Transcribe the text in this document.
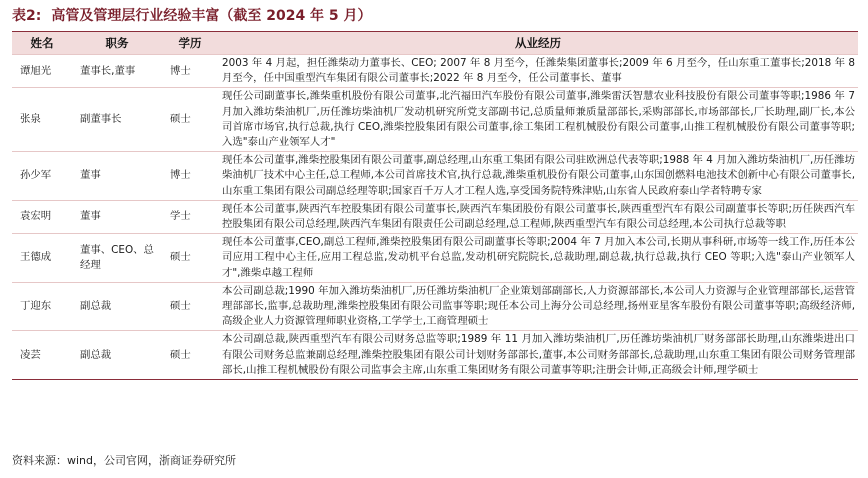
表2: 高管及管理层行业经验丰富（截至 2024 年 5 月）
姓名	职务	学历	从业经历
谭旭光	董事长,董事	博士	2003 年 4 月起，担任潍柴动力董事长、CEO; 2007 年 8 月至今，任潍柴集团董事长;2009 年 6 月至今，任山东重工董事长;2018 年 8 月至今，任中国重型汽车集团有限公司董事长;2022 年 8 月至今，任公司董事长、董事
张泉	副董事长	硕士	现任公司副董事长,潍柴重机股份有限公司董事,北汽福田汽车股份有限公司董事,潍柴雷沃智慧农业科技股份有限公司董事等职;1986 年 7 月加入潍坊柴油机厂,历任潍坊柴油机厂发动机研究所党支部副书记,总质量师兼质量部部长,采购部部长,市场部部长,厂长助理,副厂长,本公司首席市场官,执行总裁,执行 CEO,潍柴控股集团有限公司董事,徐工集团工程机械股份有限公司董事,山推工程机械股份有限公司董事等职;入选"泰山产业领军人才"
孙少军	董事	博士	现任本公司董事,潍柴控股集团有限公司董事,副总经理,山东重工集团有限公司驻欧洲总代表等职;1988 年 4 月加入潍坊柴油机厂,历任潍坊柴油机厂技术中心主任,总工程师,本公司首席技术官,执行总裁,潍柴重机股份有限公司董事,山东国创燃料电池技术创新中心有限公司董事长,山东重工集团有限公司副总经理等职;国家百千万人才工程人选,享受国务院特殊津贴,山东省人民政府泰山学者特聘专家
袁宏明	董事	学士	现任本公司董事,陕西汽车控股集团有限公司董事长,陕西汽车集团股份有限公司董事长,陕西重型汽车有限公司副董事长等职;历任陕西汽车控股集团有限公司总经理,陕西汽车集团有限责任公司副总经理,总工程师,陕西重型汽车有限公司总经理,本公司执行总裁等职
王德成	董事、CEO、总经理	硕士	现任本公司董事,CEO,副总工程师,潍柴控股集团有限公司副董事长等职;2004 年 7 月加入本公司,长期从事科研,市场等一线工作,历任本公司应用工程中心主任,应用工程总监,发动机平台总监,发动机研究院院长,总裁助理,副总裁,执行总裁,执行 CEO 等职;入选"泰山产业领军人才",潍柴卓越工程师
丁迎东	副总裁	硕士	本公司副总裁;1990 年加入潍坊柴油机厂,历任潍坊柴油机厂企业策划部副部长,人力资源部部长,本公司人力资源与企业管理部部长,运营管理部部长,监事,总裁助理,潍柴控股集团有限公司监事等职;现任本公司上海分公司总经理,扬州亚星客车股份有限公司董事等职;高级经济师,高级企业人力资源管理师职业资格,工学学士,工商管理硕士
凌芸	副总裁	硕士	本公司副总裁,陕西重型汽车有限公司财务总监等职;1989 年 11 月加入潍坊柴油机厂,历任潍坊柴油机厂财务部部长助理,山东潍柴进出口有限公司财务总监兼副总经理,潍柴控股集团有限公司计划财务部部长,董事,本公司财务部部长,总裁助理,山东重工集团有限公司财务管理部部长,山推工程机械股份有限公司监事会主席,山东重工集团财务有限公司董事等职;注册会计师,正高级会计师,理学硕士
资料来源：wind，公司官网，浙商证券研究所
